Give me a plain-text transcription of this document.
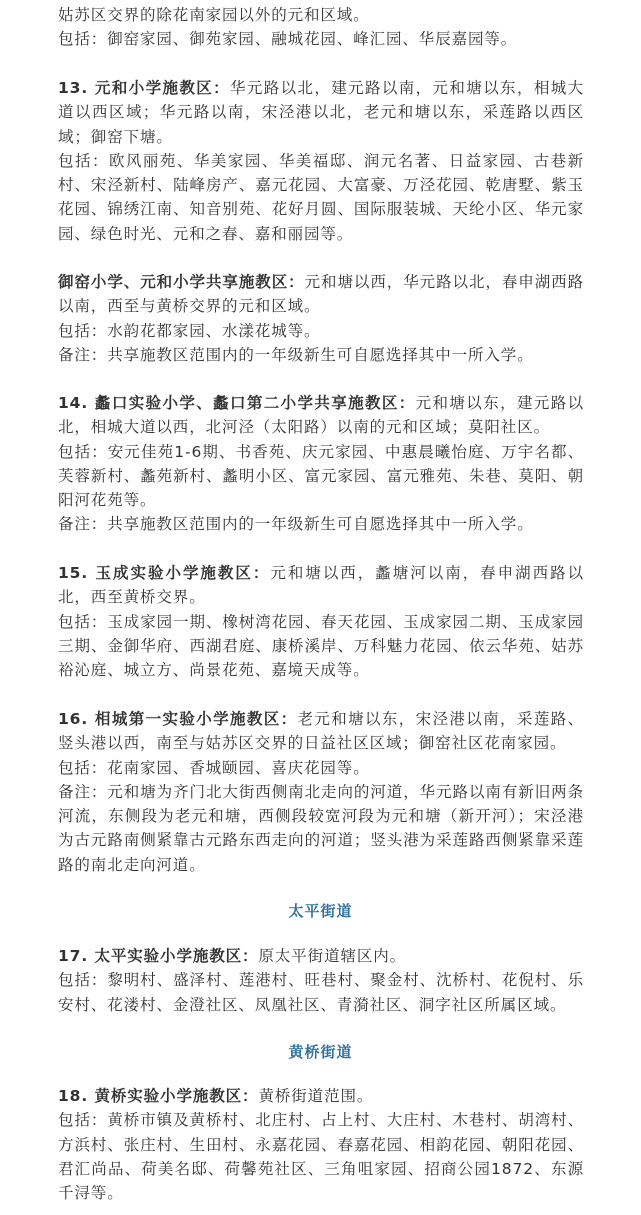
姑苏区交界的除花南家园以外的元和区域。

包括：御窑家园、御苑家园、融城花园、峰汇园、华辰嘉园等。

13. 元和小学施教区：华元路以北，建元路以南，元和塘以东，相城大道以西区域；华元路以南，宋泾港以北，老元和塘以东，采莲路以西区域；御窑下塘。

包括：欧风丽苑、华美家园、华美福邸、润元名著、日益家园、古巷新村、宋泾新村、陆峰房产、嘉元花园、大富豪、万泾花园、乾唐墅、紫玉花园、锦绣江南、知音别苑、花好月圆、国际服装城、天纶小区、华元家园、绿色时光、元和之春、嘉和丽园等。

御窑小学、元和小学共享施教区：元和塘以西，华元路以北，春申湖西路以南，西至与黄桥交界的元和区域。

包括：水韵花都家园、水漾花城等。

备注：共享施教区范围内的一年级新生可自愿选择其中一所入学。

14. 蠡口实验小学、蠡口第二小学共享施教区：元和塘以东，建元路以北，相城大道以西，北河泾（太阳路）以南的元和区域；莫阳社区。

包括：安元佳苑1-6期、书香苑、庆元家园、中惠晨曦怡庭、万宇名都、芙蓉新村、蠡苑新村、蠡明小区、富元家园、富元雅苑、朱巷、莫阳、朝阳河花苑等。

备注：共享施教区范围内的一年级新生可自愿选择其中一所入学。

15. 玉成实验小学施教区：元和塘以西，蠡塘河以南，春申湖西路以北，西至黄桥交界。

包括：玉成家园一期、橡树湾花园、春天花园、玉成家园二期、玉成家园三期、金御华府、西湖君庭、康桥溪岸、万科魅力花园、依云华苑、姑苏裕沁庭、城立方、尚景花苑、嘉境天成等。

16. 相城第一实验小学施教区：老元和塘以东，宋泾港以南，采莲路、竖头港以西，南至与姑苏区交界的日益社区区域；御窑社区花南家园。

包括：花南家园、香城颐园、喜庆花园等。

备注：元和塘为齐门北大街西侧南北走向的河道，华元路以南有新旧两条河流，东侧段为老元和塘，西侧段较宽河段为元和塘（新开河）；宋泾港为古元路南侧紧靠古元路东西走向的河道；竖头港为采莲路西侧紧靠采莲路的南北走向河道。

太平街道

17. 太平实验小学施教区：原太平街道辖区内。

包括：黎明村、盛泽村、莲港村、旺巷村、聚金村、沈桥村、花倪村、乐安村、花溇村、金澄社区、凤凰社区、青漪社区、洞字社区所属区域。

黄桥街道

18. 黄桥实验小学施教区：黄桥街道范围。

包括：黄桥市镇及黄桥村、北庄村、占上村、大庄村、木巷村、胡湾村、方浜村、张庄村、生田村、永嘉花园、春嘉花园、相韵花园、朝阳花园、君汇尚品、荷美名邸、荷馨苑社区、三角咀家园、招商公园1872、东源千浔等。
